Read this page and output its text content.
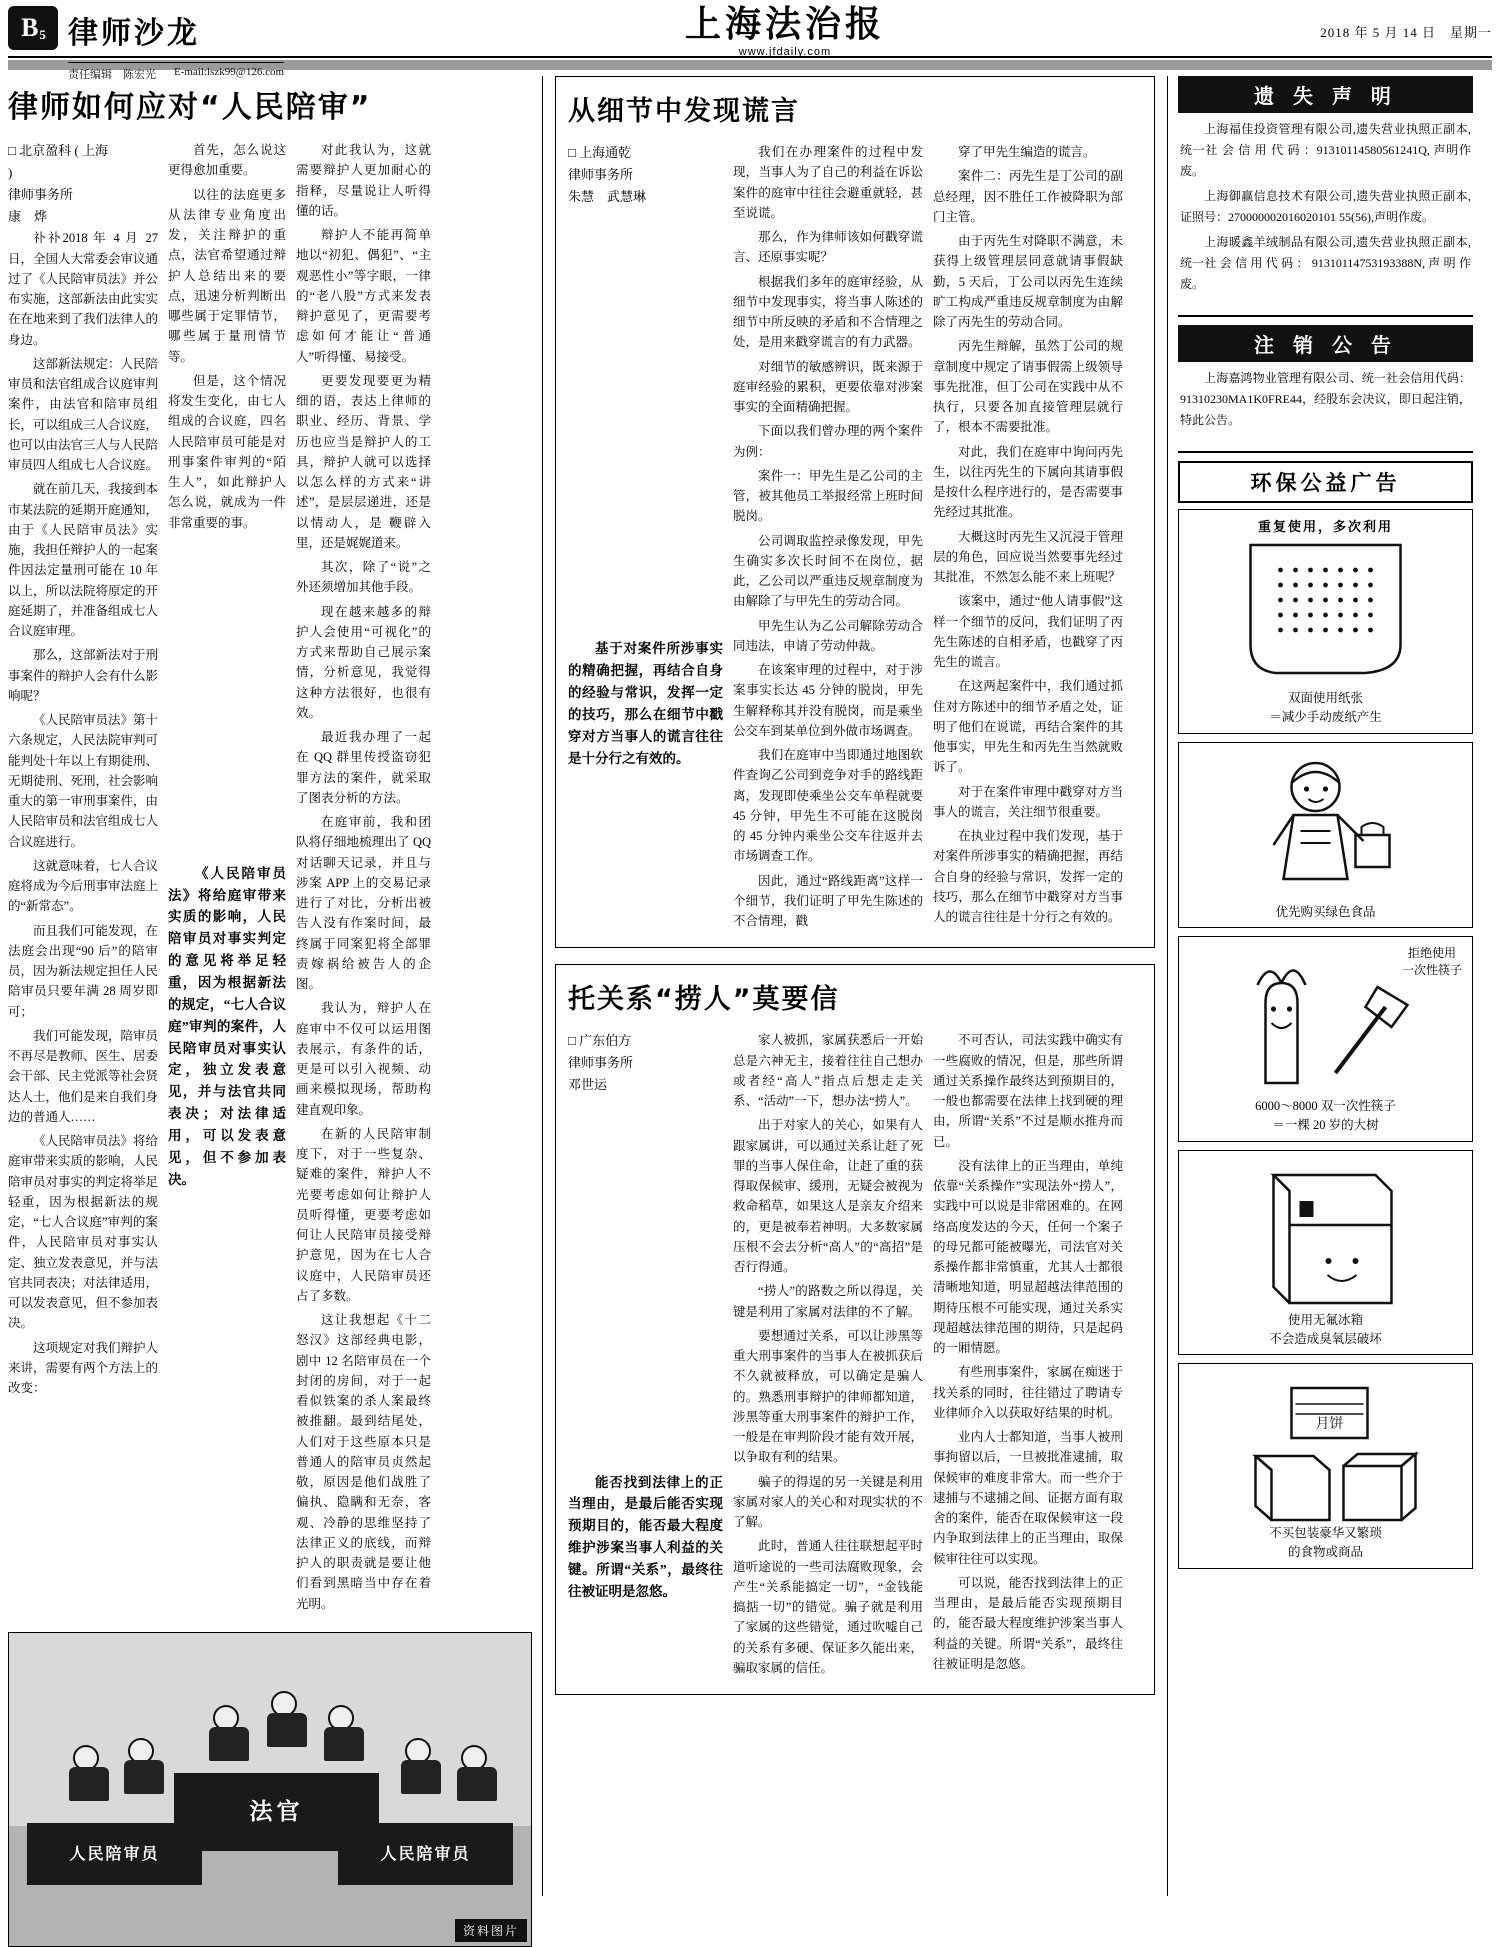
B 5 律师沙龙
责任编辑　陈宏光 E-mail:lszk99@126.com
上海法治报
www.jfdaily.com
2018 年 5 月 14 日　星期一
律师如何应对“人民陪审”
□ 北京盈科 ( 上海 )
律师事务所
康　烨

䃼䃼2018 年 4 月 27 日，全国人大常委会审议通过了《人民陪审员法》并公布实施，这部新法由此实实在在地来到了我们法律人的身边。

这部新法规定：人民陪审员和法官组成合议庭审判案件，由法官和陪审员组长，可以组成三人合议庭，也可以由法官三人与人民陪审员四人组成七人合议庭。

就在前几天，我接到本市某法院的延期开庭通知，由于《人民陪审员法》实施，我担任辩护人的一起案件因法定量刑可能在 10 年以上，所以法院将原定的开庭延期了，并准备组成七人合议庭审理。

那么，这部新法对于刑事案件的辩护人会有什么影响呢？

《人民陪审员法》第十六条规定，人民法院审判可能判处十年以上有期徒刑、无期徒刑、死刑，社会影响重大的第一审刑事案件，由人民陪审员和法官组成七人合议庭进行。

这就意味着，七人合议庭将成为今后刑事审法庭上的“新常态”。

而且我们可能发现，在法庭会出现“90 后”的陪审员，因为新法规定担任人民陪审员只要年满 28 周岁即可；

我们可能发现，陪审员不再尽是教师、医生、居委会干部、民主党派等社会贤达人士，他们是来自我们身边的普通人……

《人民陪审员法》将给庭审带来实质的影响，人民陪审员对事实的判定将举足轻重，因为根据新法的规定，“七人合议庭”审判的案件，人民陪审员对事实认定、独立发表意见，并与法官共同表决；对法律适用，可以发表意见，但不参加表决。

这项规定对我们辩护人来讲，需要有两个方法上的改变：

首先，怎么说这更得愈加重要。

以往的法庭更多从法律专业角度出发，关注辩护的重点，法官希望通过辩护人总结出来的要点，迅速分析判断出哪些属于定罪情节，哪些属于量刑情节等。

但是，这个情况将发生变化，由七人组成的合议庭，四名人民陪审员可能是对刑事案件审判的“陌生人”，如此辩护人怎么说，就成为一件非常重要的事。

《人民陪审员法》将给庭审带来实质的影响，人民陪审员对事实判定的意见将举足轻重，因为根据新法的规定，“七人合议庭”审判的案件，人民陪审员对事实认定，独立发表意见，并与法官共同表决；对法律适用，可以发表意见，但不参加表决。

对此我认为，这就需要辩护人更加耐心的指释，尽量说让人听得懂的话。

辩护人不能再简单地以“初犯、偶犯”、“主观恶性小”等字眼，一律的“老八股”方式来发表辩护意见了，更需要考虑如何才能让“普通人”听得懂、易接受。

更要发现要更为精细的语，表达上律师的职业、经历、背景、学历也应当是辩护人的工具，辩护人就可以选择以怎么样的方式来“讲述”，是层层递进，还是以情动人，是 鞭辟入里，还是娓娓道来。

其次，除了“说”之外还须增加其他手段。

现在越来越多的辩护人会使用“可视化”的方式来帮助自己展示案情，分析意见，我觉得这种方法很好，也很有效。

最近我办理了一起在 QQ 群里传授盗窃犯罪方法的案件，就采取了图表分析的方法。

在庭审前，我和团队将仔细地梳理出了 QQ 对话聊天记录，并且与涉案 APP 上的交易记录进行了对比，分析出被告人没有作案时间，最终属于同案犯将全部罪责嫁祸给被告人的企图。

我认为，辩护人在庭审中不仅可以运用图表展示，有条件的话，更是可以引入视频、动画来模拟现场，帮助构建直观印象。

在新的人民陪审制度下，对于一些复杂、疑难的案件，辩护人不光要考虑如何让辩护人员听得懂，更要考虑如何让人民陪审员接受辩护意见，因为在七人合议庭中，人民陪审员还占了多数。

这让我想起《十二怒汉》这部经典电影，剧中 12 名陪审员在一个封闭的房间，对于一起看似铁案的杀人案最终被推翻。最到结尾处，人们对于这些原本只是普通人的陪审员贞然起敬，原因是他们战胜了偏执、隐瞒和无奈，客观、冷静的思维坚持了法律正义的底线，而辩护人的职责就是要让他们看到黑暗当中存在着光明。

法官
人民陪审员	人民陪审员
资料图片
从细节中发现谎言
□ 上海通乾
律师事务所
朱慧　武慧琳

基于对案件所涉事实的精确把握，再结合自身的经验与常识，发挥一定的技巧，那么在细节中戳穿对方当事人的谎言往往是十分行之有效的。

我们在办理案件的过程中发现，当事人为了自己的利益在诉讼案件的庭审中往往会避重就轻，甚至说谎。

那么，作为律师该如何戳穿谎言、还原事实呢？

根据我们多年的庭审经验，从细节中发现事实，将当事人陈述的细节中所反映的矛盾和不合情理之处，是用来戳穿谎言的有力武器。

对细节的敏感辨识，既来源于庭审经验的累积，更要依靠对涉案事实的全面精确把握。

下面以我们曾办理的两个案件为例：

案件一：甲先生是乙公司的主管，被其他员工举报经常上班时间脱岗。

公司调取监控录像发现，甲先生确实多次长时间不在岗位，据此，乙公司以严重违反规章制度为由解除了与甲先生的劳动合同。

甲先生认为乙公司解除劳动合同违法，申请了劳动仲裁。

在该案审理的过程中，对于涉案事实长达 45 分钟的脱岗，甲先生解释称其并没有脱岗，而是乘坐公交车到某单位到外做市场调查。

我们在庭审中当即通过地图软件查询乙公司到竞争对手的路线距离，发现即使乘坐公交车单程就要 45 分钟，甲先生不可能在这脱岗的 45 分钟内乘坐公交车往返并去市场调查工作。

因此，通过“路线距离”这样一个细节，我们证明了甲先生陈述的不合情理，戳

穿了甲先生编造的谎言。

案件二：丙先生是丁公司的副总经理，因不胜任工作被降职为部门主管。

由于丙先生对降职不满意，未获得上级管理层同意就请事假缺勤，5 天后，丁公司以丙先生连续旷工构成严重违反规章制度为由解除了丙先生的劳动合同。

丙先生辩解，虽然丁公司的规章制度中规定了请事假需上级领导事先批准，但丁公司在实践中从不执行，只要各加直接管理层就行了，根本不需要批准。

对此，我们在庭审中询问丙先生，以往丙先生的下属向其请事假是按什么程序进行的，是否需要事先经过其批准。

大概这时丙先生又沉浸于管理层的角色，回应说当然要事先经过其批准，不然怎么能不来上班呢？

该案中，通过“他人请事假”这样一个细节的反问，我们证明了丙先生陈述的自相矛盾，也戳穿了丙先生的谎言。

在这两起案件中，我们通过抓住对方陈述中的细节矛盾之处，证明了他们在说谎，再结合案件的其他事实，甲先生和丙先生当然就败诉了。

对于在案件审理中戳穿对方当事人的谎言，关注细节很重要。

在执业过程中我们发现，基于对案件所涉事实的精确把握，再结合自身的经验与常识，发挥一定的技巧，那么在细节中戳穿对方当事人的谎言往往是十分行之有效的。

托关系“捞人”莫要信
□ 广东伯方
律师事务所
邓世运

能否找到法律上的正当理由，是最后能否实现预期目的，能否最大程度维护涉案当事人利益的关键。所谓“关系”，最终往往被证明是忽悠。

家人被抓，家属获悉后一开始总是六神无主，接着往往自己想办或者经“高人”指点后想走走关系、“活动”一下，想办法“捞人”。

出于对家人的关心，如果有人跟家属讲，可以通过关系让赶了死罪的当事人保住命，让赶了重的获得取保候审、缓刑，无疑会被视为救命稻草，如果这人是亲友介绍来的，更是被奉若神明。大多数家属压根不会去分析“高人”的“高招”是否行得通。

“捞人”的路数之所以得逞，关键是利用了家属对法律的不了解。

要想通过关系，可以让涉黑等重大刑事案件的当事人在被抓获后不久就被释放，可以确定是骗人的。熟悉刑事辩护的律师都知道，涉黑等重大刑事案件的辩护工作，一般是在审判阶段才能有效开展，以争取有利的结果。

骗子的得逞的另一关键是利用家属对家人的关心和对现实状的不了解。

此时，普通人往往联想起平时道听途说的一些司法腐败现象，会产生“关系能搞定一切”，“金钱能搞掂一切”的错觉。骗子就是利用了家属的这些错觉，通过吹嘘自己的关系有多硬、保证多久能出来，骗取家属的信任。

不可否认，司法实践中确实有一些腐败的情况，但是，那些所谓通过关系操作最终达到预期目的，一般也都需要在法律上找到硬的理由，所谓“关系”不过是顺水推舟而已。

没有法律上的正当理由，单纯依靠“关系操作”实现法外“捞人”，实践中可以说是非常困难的。在网络高度发达的今天，任何一个案子的母兄都可能被曝光，司法官对关系操作都非常慎重，尤其人士都很清晰地知道，明显超越法律范围的期待压根不可能实现，通过关系实现超越法律范围的期待，只是起码的一厢情愿。

有些刑事案件，家属在痴迷于找关系的同时，往往错过了聘请专业律师介入以获取好结果的时机。

业内人士都知道，当事人被刑事拘留以后，一旦被批准逮捕，取保候审的难度非常大。而一些介于逮捕与不逮捕之间、证据方面有取舍的案件，能否在取保候审这一段内争取到法律上的正当理由，取保候审往往可以实现。

可以说，能否找到法律上的正当理由，是最后能否实现预期目的，能否最大程度维护涉案当事人利益的关键。所谓“关系”，最终往往被证明是忽悠。

遗 失 声 明

上海福佳投资管理有限公司,遗失营业执照正副本,统一社 会 信 用 代 码 ：91310114580561241Q, 声明作废。

上海御赢信息技术有限公司,遗失营业执照正副本,证照号：270000002016020101 55(56),声明作废。

上海暖鑫羊绒制品有限公司,遗失营业执照正副本,统一社 会 信 用 代 码 ： 91310114753193388N, 声 明 作废。

注 销 公 告

上海嘉鸿物业管理有限公司、统一社会信用代码：91310230MA1K0FRE44，经股东会决议，即日起注销，特此公告。

环保公益广告
重复使用，多次利用
双面使用纸张
＝减少手动废纸产生
优先购买绿色食品
拒绝使用
一次性筷子
6000～8000 双一次性筷子
＝一棵 20 岁的大树
使用无氟冰箱
不会造成臭氧层破坏
月饼
不买包装豪华又繁琐
的食物或商品
